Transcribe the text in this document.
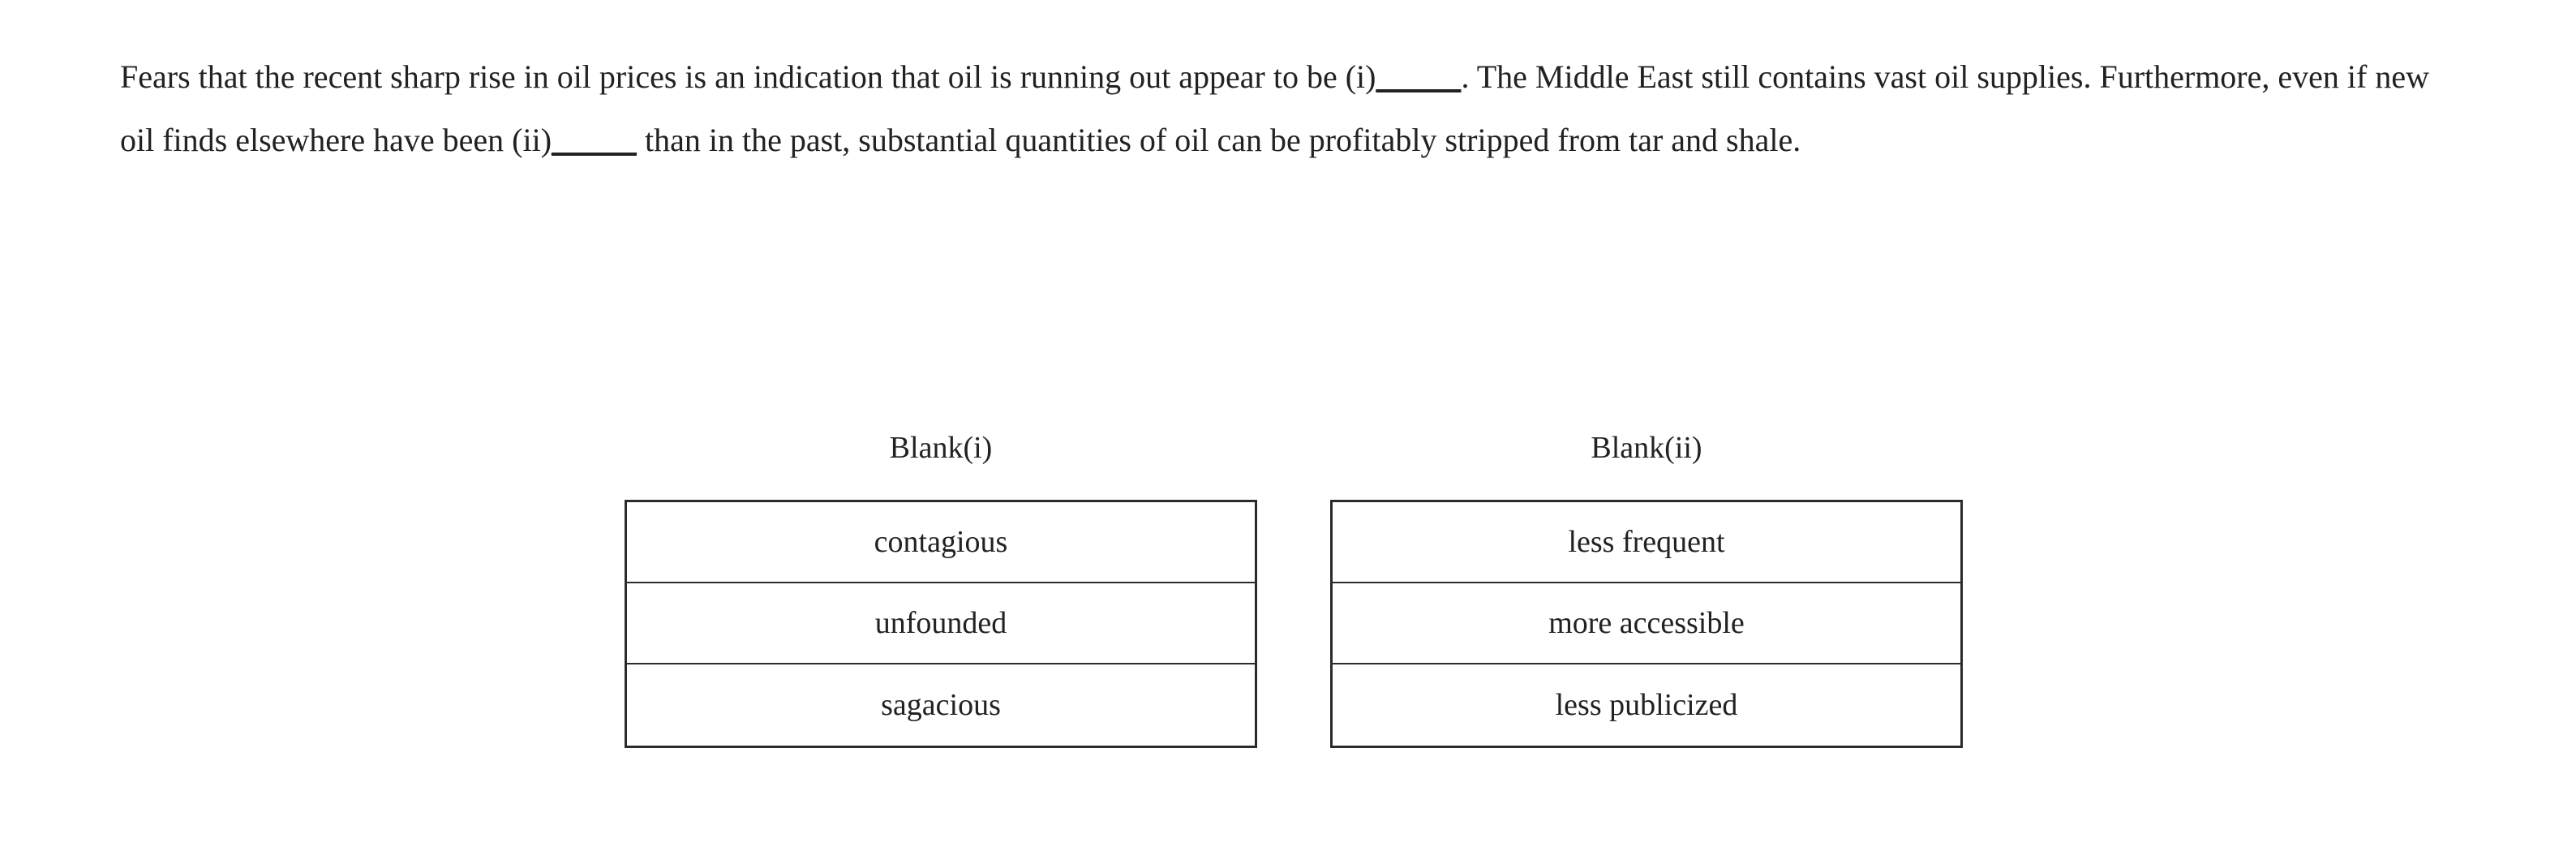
Fears that the recent sharp rise in oil prices is an indication that oil is running out appear to be (i)_____. The Middle East still contains vast oil supplies. Furthermore, even if new oil finds elsewhere have been (ii)_____ than in the past, substantial quantities of oil can be profitably stripped from tar and shale.
Blank(i)
contagious
unfounded
sagacious
Blank(ii)
less frequent
more accessible
less publicized
